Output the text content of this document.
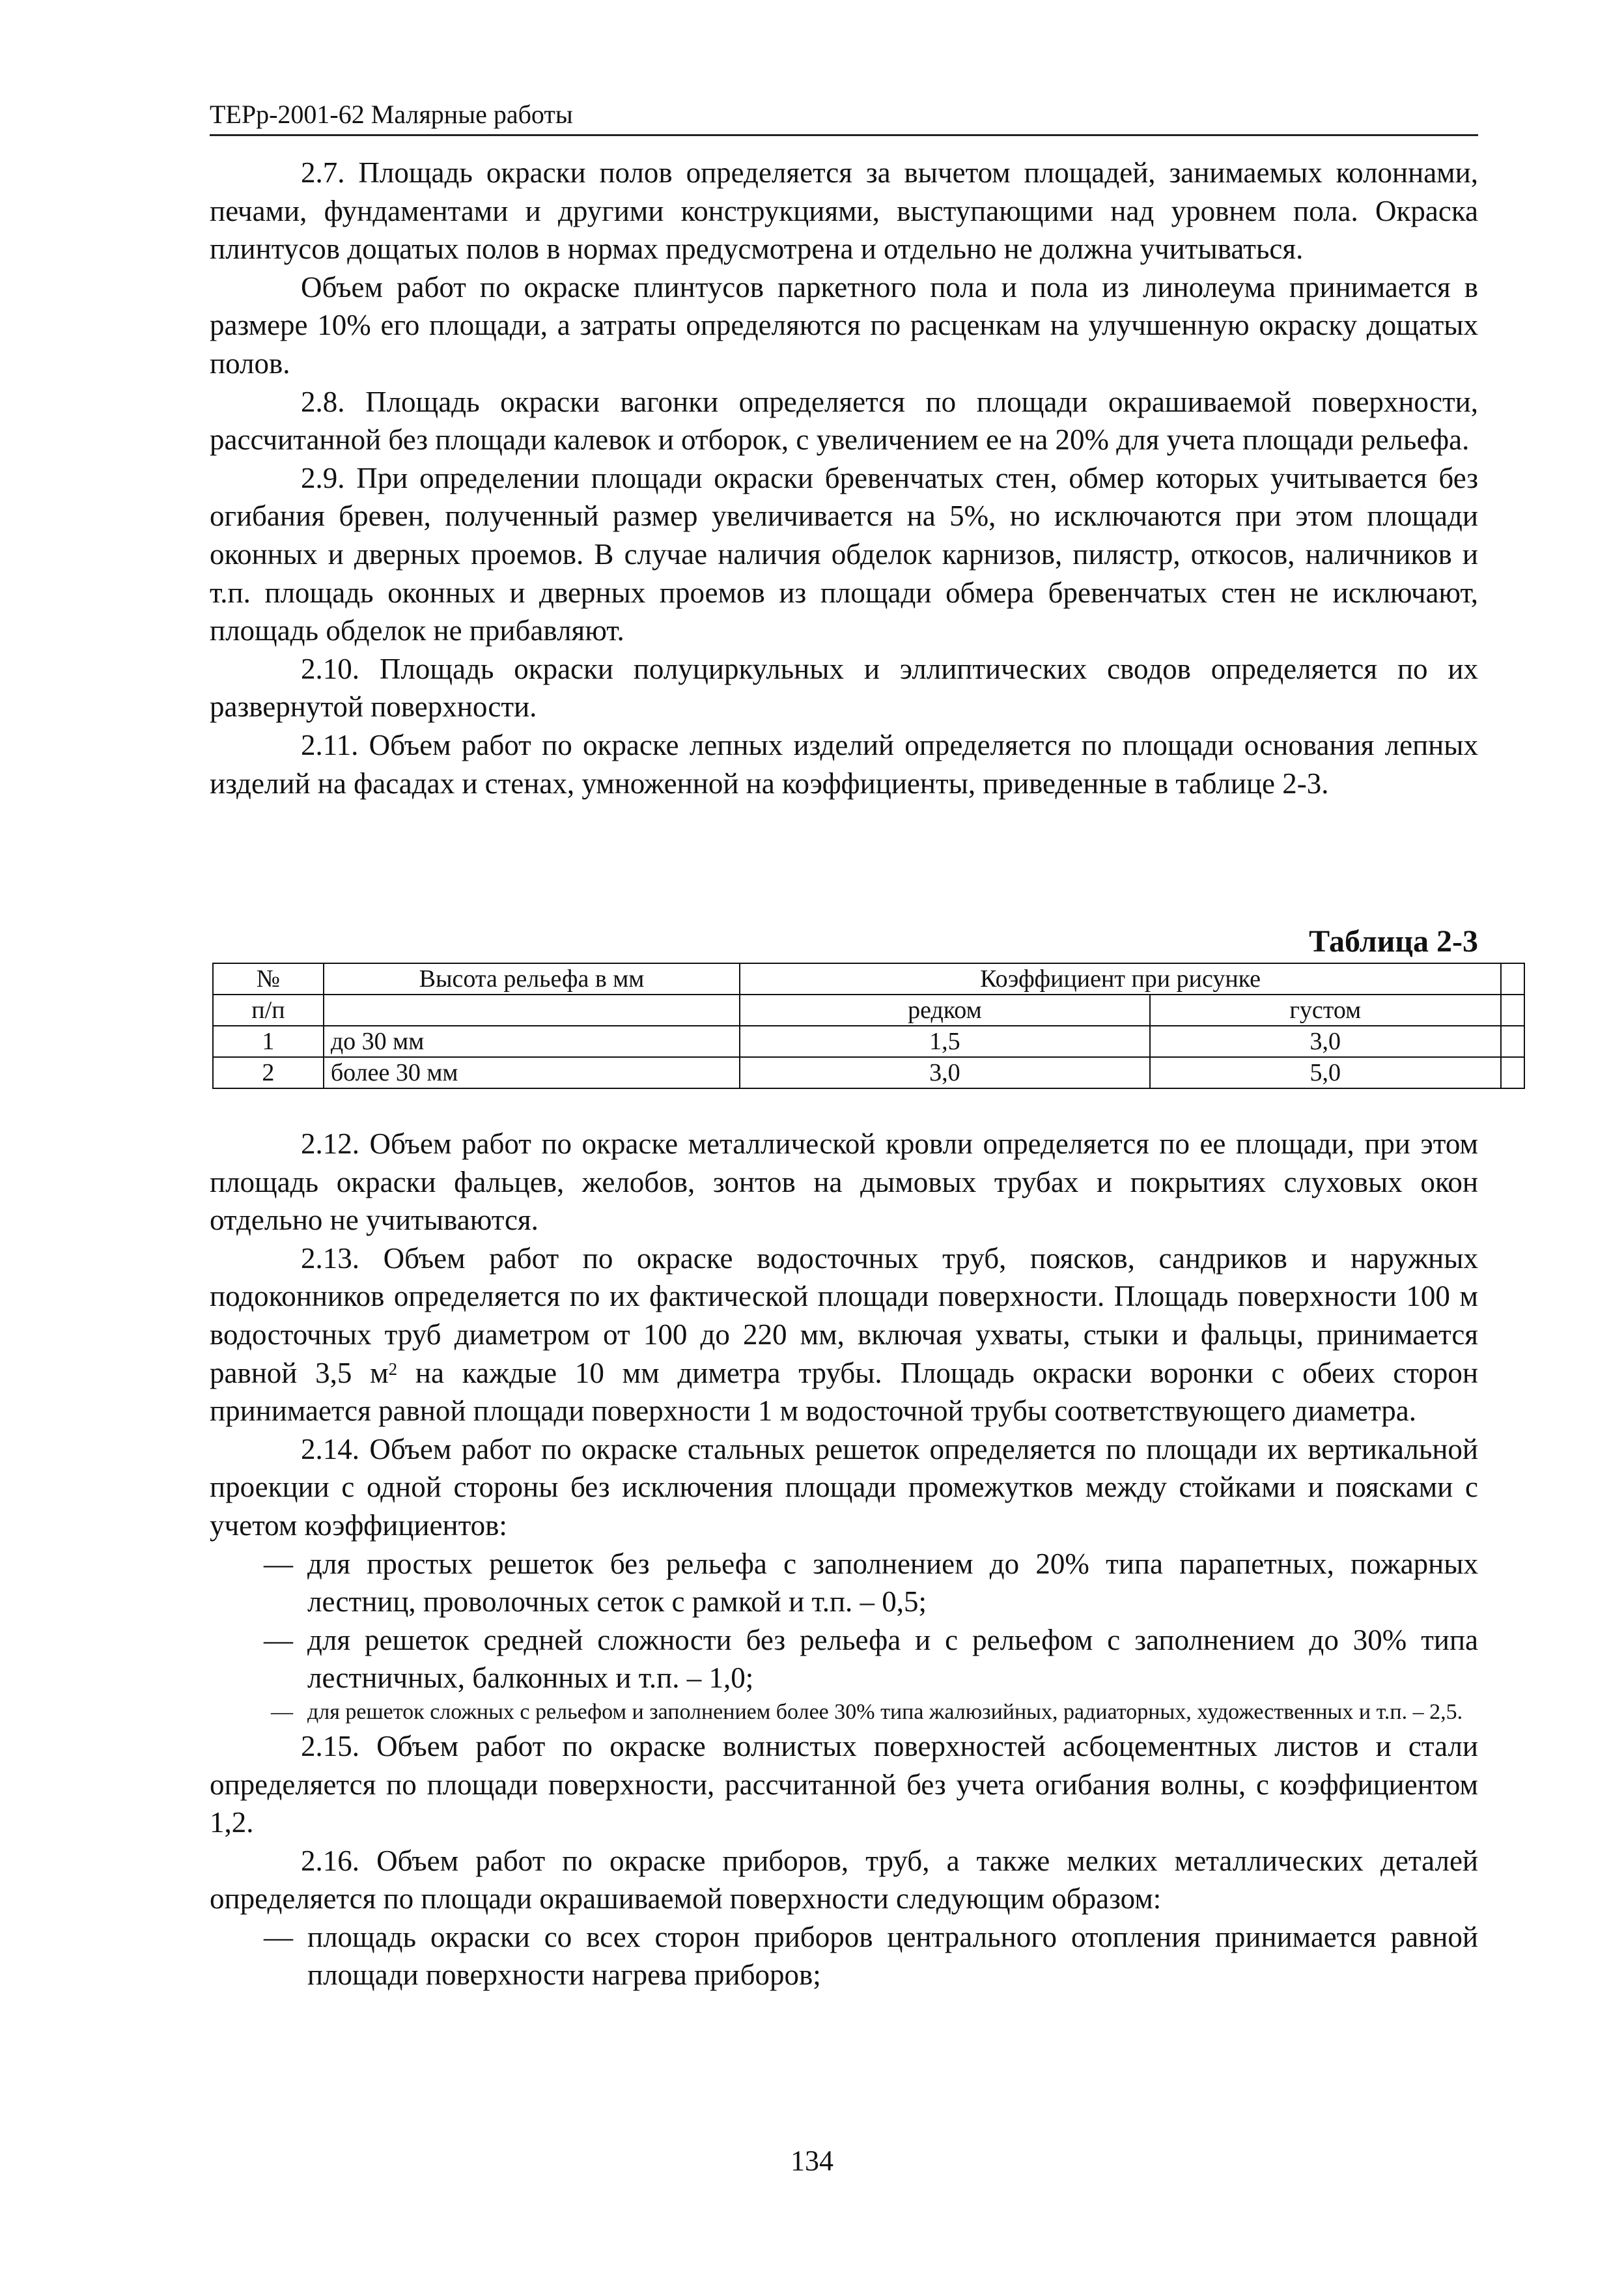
ТЕРр-2001-62 Малярные работы

2.7. Площадь окраски полов определяется за вычетом площадей, занимаемых колоннами, печами, фундаментами и другими конструкциями, выступающими над уровнем пола. Окраска плинтусов дощатых полов в нормах предусмотрена и отдельно не должна учитываться.

Объем работ по окраске плинтусов паркетного пола и пола из линолеума принимается в размере 10% его площади, а затраты определяются по расценкам на улучшенную окраску дощатых полов.

2.8. Площадь окраски вагонки определяется по площади окрашиваемой поверхности, рассчитанной без площади калевок и отборок, с увеличением ее на 20% для учета площади рельефа.

2.9. При определении площади окраски бревенчатых стен, обмер которых учитывается без огибания бревен, полученный размер увеличивается на 5%, но исключаются при этом площади оконных и дверных проемов. В случае наличия обделок карнизов, пилястр, откосов, наличников и т.п. площадь оконных и дверных проемов из площади обмера бревенчатых стен не исключают, площадь обделок не прибавляют.

2.10. Площадь окраски полуциркульных и эллиптических сводов определяется по их развернутой поверхности.

2.11. Объем работ по окраске лепных изделий определяется по площади основания лепных изделий на фасадах и стенах, умноженной на коэффициенты, приведенные в таблице 2-3.

Таблица 2-3
№	Высота рельефа в мм	Коэффициент при рисунке		
п/п		редком	густом	
1	до 30 мм	1,5	3,0	
2	более 30 мм	3,0	5,0	

2.12. Объем работ по окраске металлической кровли определяется по ее площади, при этом площадь окраски фальцев, желобов, зонтов на дымовых трубах и покрытиях слуховых окон отдельно не учитываются.

2.13. Объем работ по окраске водосточных труб, поясков, сандриков и наружных подоконников определяется по их фактической площади поверхности. Площадь поверхности 100 м водосточных труб диаметром от 100 до 220 мм, включая ухваты, стыки и фальцы, принимается равной 3,5 $м^2$ на каждые 10 мм диметра трубы. Площадь окраски воронки с обеих сторон принимается равной площади поверхности 1 м водосточной трубы соответствующего диаметра.

2.14. Объем работ по окраске стальных решеток определяется по площади их вертикальной проекции с одной стороны без исключения площади промежутков между стойками и поясками с учетом коэффициентов:

— для простых решеток без рельефа с заполнением до 20% типа парапетных, пожарных лестниц, проволочных сеток с рамкой и т.п. – 0,5;
— для решеток средней сложности без рельефа и с рельефом с заполнением до 30% типа лестничных, балконных и т.п. – 1,0;
— для решеток сложных с рельефом и заполнением более 30% типа жалюзийных, радиаторных, художественных и т.п. – 2,5.

2.15. Объем работ по окраске волнистых поверхностей асбоцементных листов и стали определяется по площади поверхности, рассчитанной без учета огибания волны, с коэффициентом 1,2.

2.16. Объем работ по окраске приборов, труб, а также мелких металлических деталей определяется по площади окрашиваемой поверхности следующим образом:

— площадь окраски со всех сторон приборов центрального отопления принимается равной площади поверхности нагрева приборов;
134
